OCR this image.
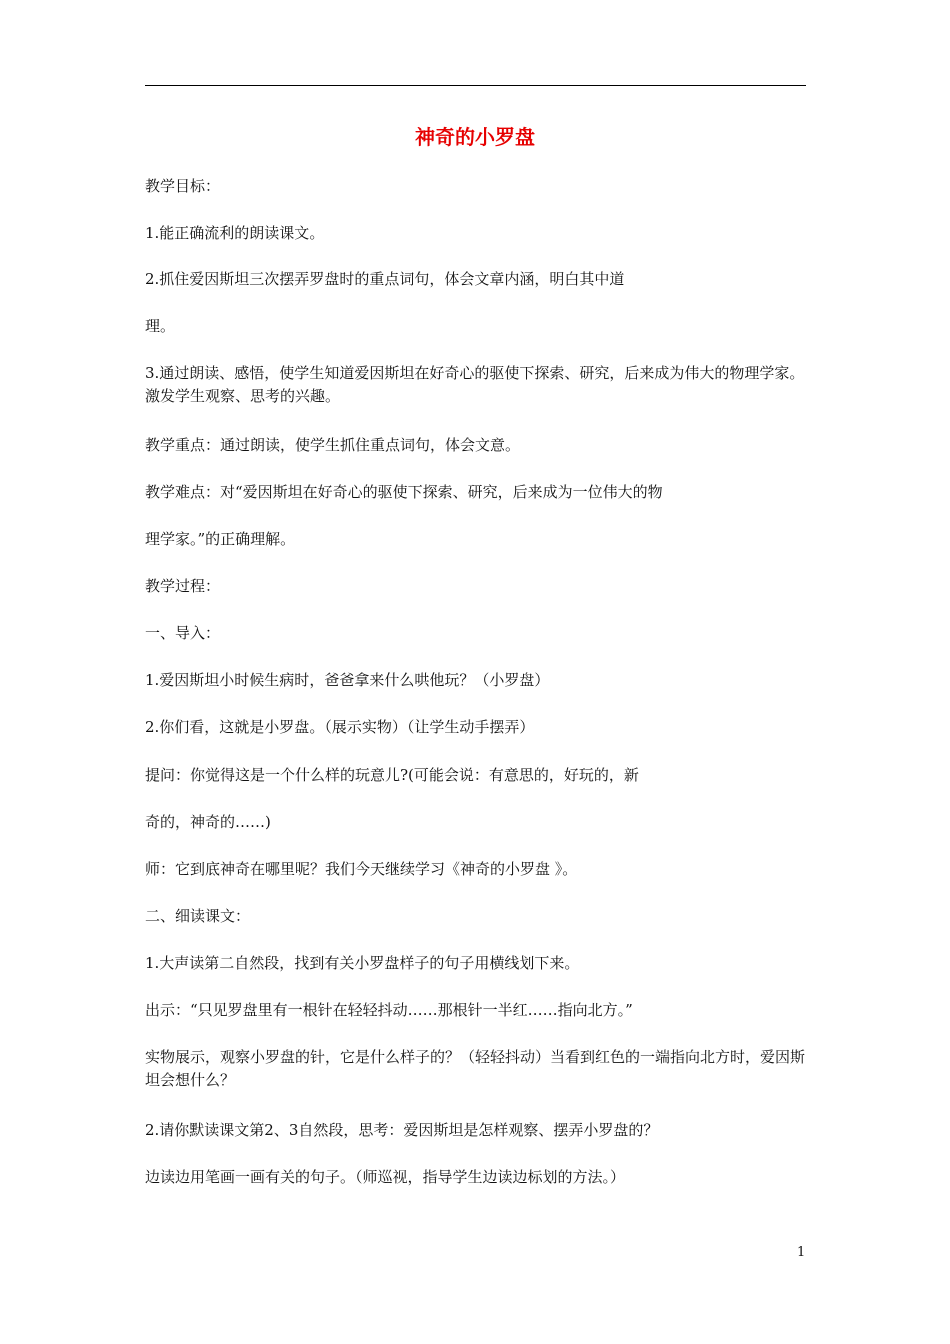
神奇的小罗盘
教学目标：
1.能正确流利的朗读课文。
2.抓住爱因斯坦三次摆弄罗盘时的重点词句，体会文章内涵，明白其中道
理。
3.通过朗读、感悟，使学生知道爱因斯坦在好奇心的驱使下探索、研究，后来成为伟大的物理学家。激发学生观察、思考的兴趣。
教学重点：通过朗读，使学生抓住重点词句，体会文意。
教学难点：对“爱因斯坦在好奇心的驱使下探索、研究，后来成为一位伟大的物
理学家。”的正确理解。
教学过程：
一、导入：
1.爱因斯坦小时候生病时，爸爸拿来什么哄他玩？（小罗盘）
2.你们看，这就是小罗盘。（展示实物）（让学生动手摆弄）
提问：你觉得这是一个什么样的玩意儿?(可能会说：有意思的，好玩的，新
奇的，神奇的……)
师：它到底神奇在哪里呢？我们今天继续学习《神奇的小罗盘 》。
二、细读课文：
1.大声读第二自然段，找到有关小罗盘样子的句子用横线划下来。
出示：“只见罗盘里有一根针在轻轻抖动……那根针一半红……指向北方。”
实物展示，观察小罗盘的针，它是什么样子的？（轻轻抖动）当看到红色的一端指向北方时，爱因斯坦会想什么？
2.请你默读课文第2、3自然段，思考：爱因斯坦是怎样观察、摆弄小罗盘的？
边读边用笔画一画有关的句子。（师巡视，指导学生边读边标划的方法。）
1
